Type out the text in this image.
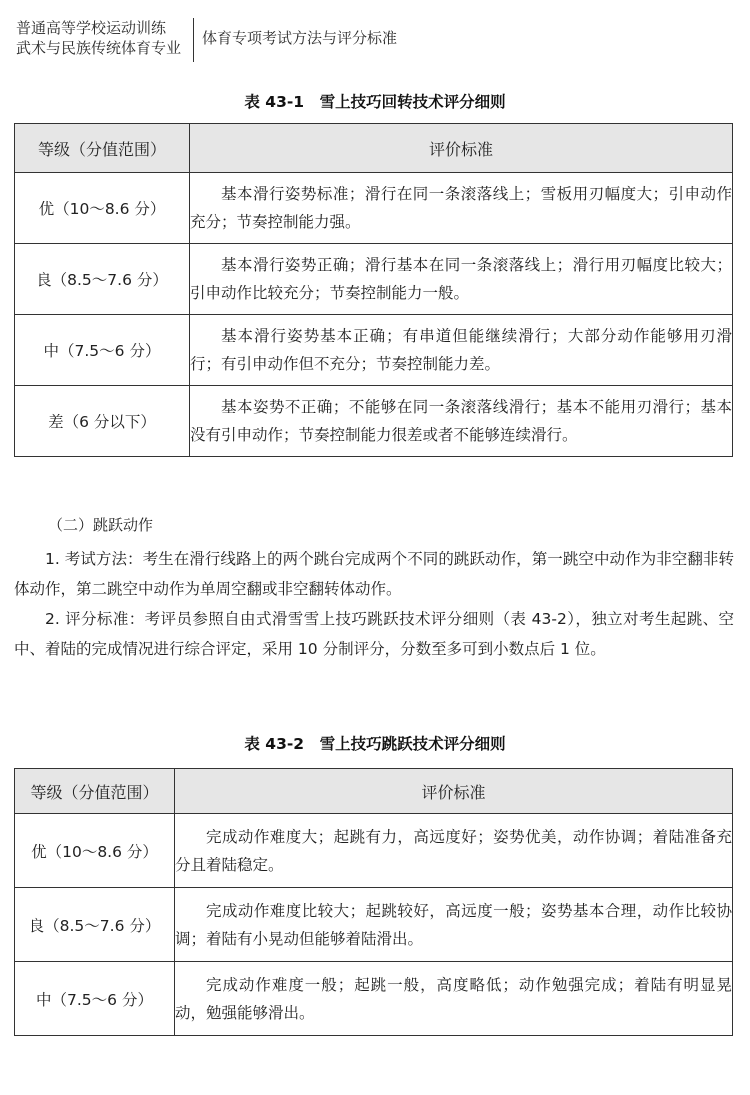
普通高等学校运动训练
武术与民族传统体育专业
体育专项考试方法与评分标准
表 43-1　雪上技巧回转技术评分细则
等级（分值范围）	评价标准
优（10～8.6 分）	基本滑行姿势标准；滑行在同一条滚落线上；雪板用刃幅度大；引申动作充分；节奏控制能力强。
良（8.5～7.6 分）	基本滑行姿势正确；滑行基本在同一条滚落线上；滑行用刃幅度比较大；引申动作比较充分；节奏控制能力一般。
中（7.5～6 分）	基本滑行姿势基本正确；有串道但能继续滑行；大部分动作能够用刃滑行；有引申动作但不充分；节奏控制能力差。
差（6 分以下）	基本姿势不正确；不能够在同一条滚落线滑行；基本不能用刃滑行；基本没有引申动作；节奏控制能力很差或者不能够连续滑行。
（二）跳跃动作
1. 考试方法：考生在滑行线路上的两个跳台完成两个不同的跳跃动作，第一跳空中动作为非空翻非转体动作，第二跳空中动作为单周空翻或非空翻转体动作。
2. 评分标准：考评员参照自由式滑雪雪上技巧跳跃技术评分细则（表 43-2），独立对考生起跳、空中、着陆的完成情况进行综合评定，采用 10 分制评分，分数至多可到小数点后 1 位。
表 43-2　雪上技巧跳跃技术评分细则
等级（分值范围）	评价标准
优（10～8.6 分）	完成动作难度大；起跳有力，高远度好；姿势优美，动作协调；着陆准备充分且着陆稳定。
良（8.5～7.6 分）	完成动作难度比较大；起跳较好，高远度一般；姿势基本合理，动作比较协调；着陆有小晃动但能够着陆滑出。
中（7.5～6 分）	完成动作难度一般；起跳一般，高度略低；动作勉强完成；着陆有明显晃动，勉强能够滑出。
